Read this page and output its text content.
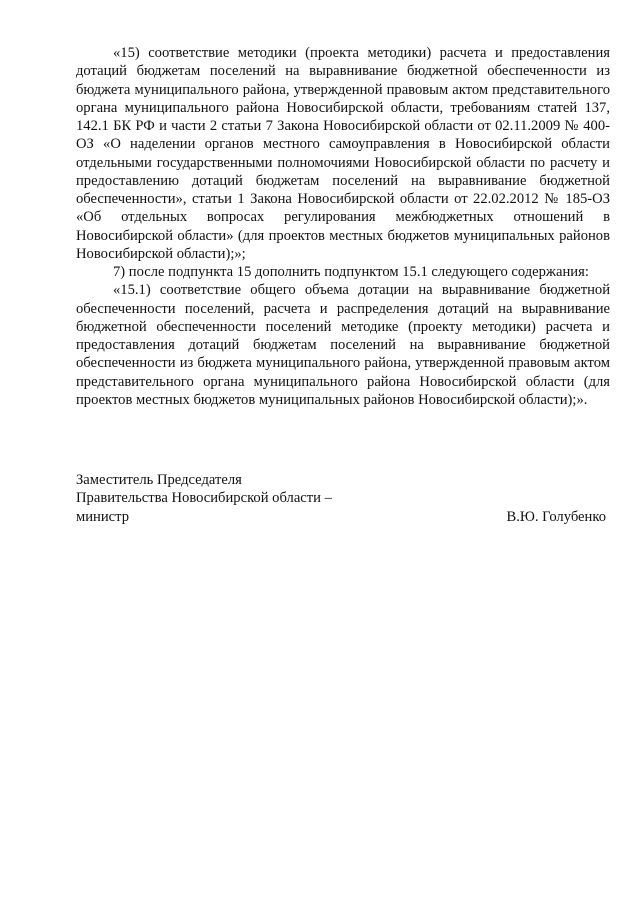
«15) соответствие методики (проекта методики) расчета и предоставления дотаций бюджетам поселений на выравнивание бюджетной обеспеченности из бюджета муниципального района, утвержденной правовым актом представительного органа муниципального района Новосибирской области, требованиям статей 137, 142.1 БК РФ и части 2 статьи 7 Закона Новосибирской области от 02.11.2009 № 400-ОЗ «О наделении органов местного самоуправления в Новосибирской области отдельными государственными полномочиями Новосибирской области по расчету и предоставлению дотаций бюджетам поселений на выравнивание бюджетной обеспеченности», статьи 1 Закона Новосибирской области от 22.02.2012 № 185-ОЗ «Об отдельных вопросах регулирования межбюджетных отношений в Новосибирской области» (для проектов местных бюджетов муниципальных районов Новосибирской области);»;

7) после подпункта 15 дополнить подпунктом 15.1 следующего содержания:

«15.1) соответствие общего объема дотации на выравнивание бюджетной обеспеченности поселений, расчета и распределения дотаций на выравнивание бюджетной обеспеченности поселений методике (проекту методики) расчета и предоставления дотаций бюджетам поселений на выравнивание бюджетной обеспеченности из бюджета муниципального района, утвержденной правовым актом представительного органа муниципального района Новосибирской области (для проектов местных бюджетов муниципальных районов Новосибирской области);».

Заместитель Председателя
Правительства Новосибирской области –
министр	В.Ю. Голубенко
